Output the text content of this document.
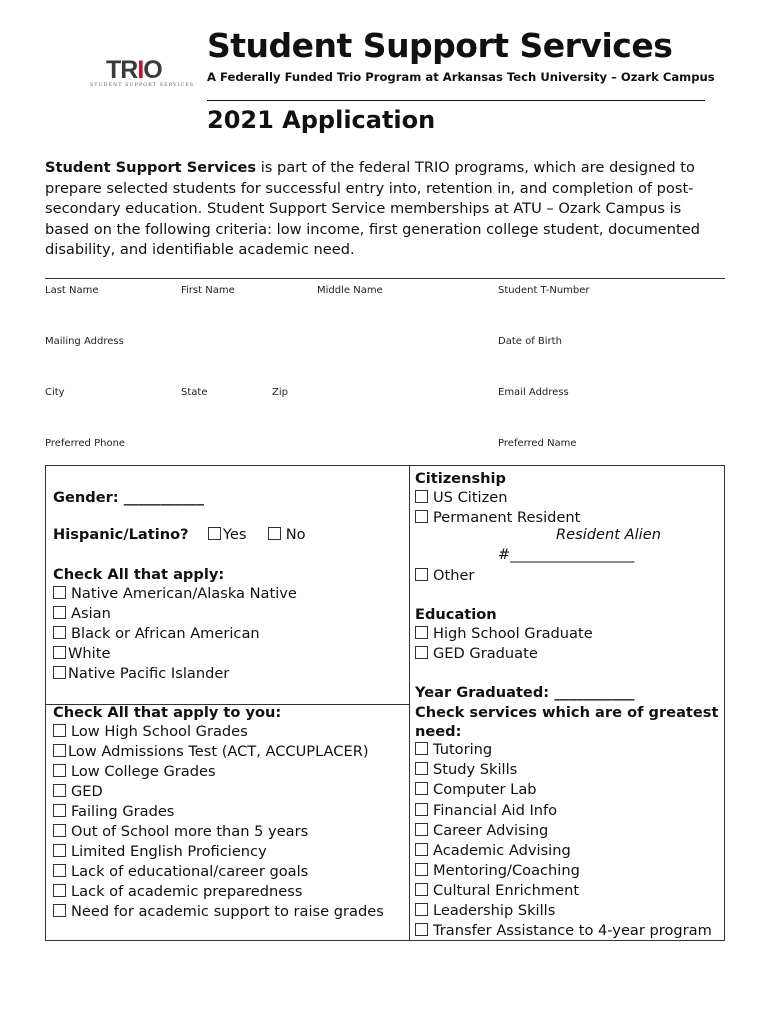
TRIO
STUDENT SUPPORT SERVICES
Student Support Services
A Federally Funded Trio Program at Arkansas Tech University – Ozark Campus
2021 Application
Student Support Services is part of the federal TRIO programs, which are designed to prepare selected students for successful entry into, retention in, and completion of post-secondary education. Student Support Service memberships at ATU – Ozark Campus is based on the following criteria: low income, first generation college student, documented disability, and identifiable academic need.
Last Name	First Name	Middle Name	Student T-Number
________________________________________________________________________________________________________________
Mailing Address	Date of Birth
________________________________________________________________________________________________________________
City	State	Zip	Email Address
________________________________________________________________________________________________________________
Preferred Phone	Preferred Name
Gender: ___________
Hispanic/Latino? Yes	No
Check All that apply:
Native American/Alaska Native
Asian
Black or African American
White
Native Pacific Islander
Citizenship
US Citizen
Permanent Resident
Resident Alien
#_________________
Other
Education
High School Graduate
GED Graduate
Year Graduated: ___________
Check All that apply to you:
Low High School Grades
Low Admissions Test (ACT, ACCUPLACER)
Low College Grades
GED
Failing Grades
Out of School more than 5 years
Limited English Proficiency
Lack of educational/career goals
Lack of academic preparedness
Need for academic support to raise grades
Check services which are of greatest
need:
Tutoring
Study Skills
Computer Lab
Financial Aid Info
Career Advising
Academic Advising
Mentoring/Coaching
Cultural Enrichment
Leadership Skills
Transfer Assistance to 4-year program
